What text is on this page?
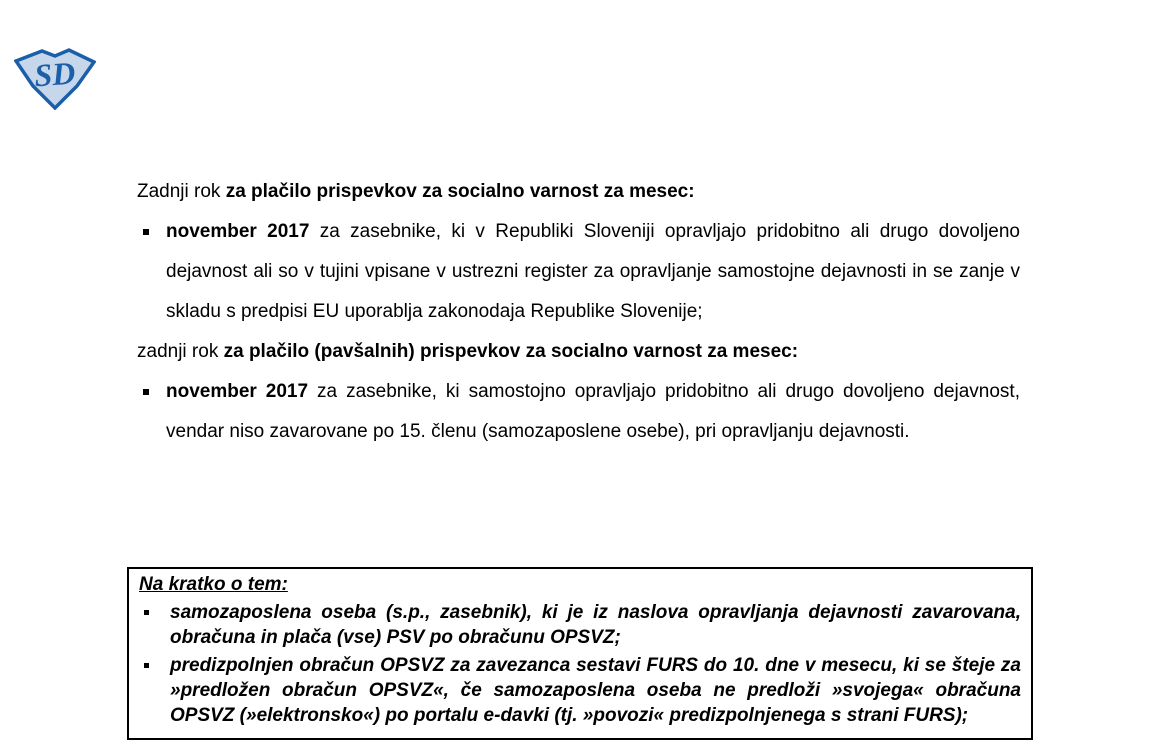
SD

Zadnji rok za plačilo prispevkov za socialno varnost za mesec:

november 2017 za zasebnike, ki v Republiki Sloveniji opravljajo pridobitno ali drugo dovoljeno dejavnost ali so v tujini vpisane v ustrezni register za opravljanje samostojne dejavnosti in se zanje v skladu s predpisi EU uporablja zakonodaja Republike Slovenije;

zadnji rok za plačilo (pavšalnih) prispevkov za socialno varnost za mesec:

november 2017 za zasebnike, ki samostojno opravljajo pridobitno ali drugo dovoljeno dejavnost, vendar niso zavarovane po 15. členu (samozaposlene osebe), pri opravljanju dejavnosti.
Na kratko o tem:
samozaposlena oseba (s.p., zasebnik), ki je iz naslova opravljanja dejavnosti zavarovana, obračuna in plača (vse) PSV po obračunu OPSVZ;
predizpolnjen obračun OPSVZ za zavezanca sestavi FURS do 10. dne v mesecu, ki se šteje za »predložen obračun OPSVZ«, če samozaposlena oseba ne predloži »svojega« obračuna OPSVZ (»elektronsko«) po portalu e-davki (tj. »povozi« predizpolnjenega s strani FURS);
